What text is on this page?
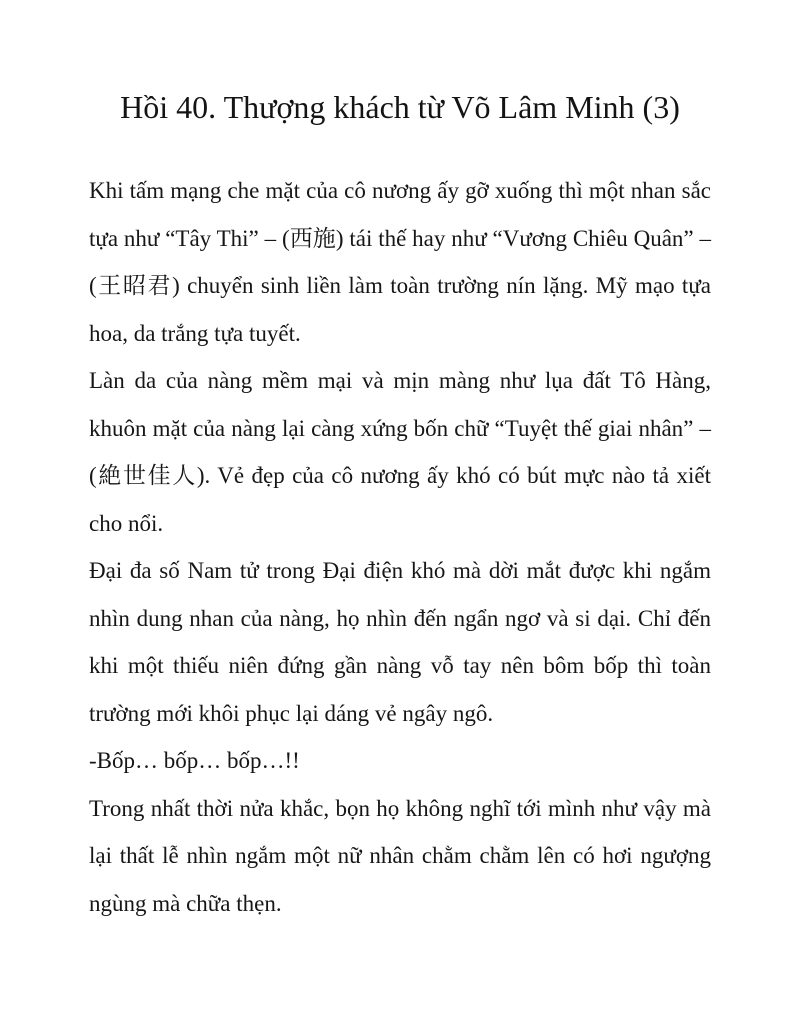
Hồi 40. Thượng khách từ Võ Lâm Minh (3)

Khi tấm mạng che mặt của cô nương ấy gỡ xuống thì một nhan sắc tựa như “Tây Thi” – (西施) tái thế hay như “Vương Chiêu Quân” – (王昭君) chuyển sinh liền làm toàn trường nín lặng. Mỹ mạo tựa hoa, da trắng tựa tuyết.

Làn da của nàng mềm mại và mịn màng như lụa đất Tô Hàng, khuôn mặt của nàng lại càng xứng bốn chữ “Tuyệt thế giai nhân” – (絶世佳人). Vẻ đẹp của cô nương ấy khó có bút mực nào tả xiết cho nổi.

Đại đa số Nam tử trong Đại điện khó mà dời mắt được khi ngắm nhìn dung nhan của nàng, họ nhìn đến ngẩn ngơ và si dại. Chỉ đến khi một thiếu niên đứng gần nàng vỗ tay nên bôm bốp thì toàn trường mới khôi phục lại dáng vẻ ngây ngô.

-Bốp… bốp… bốp…!!

Trong nhất thời nửa khắc, bọn họ không nghĩ tới mình như vậy mà lại thất lễ nhìn ngắm một nữ nhân chằm chằm lên có hơi ngượng ngùng mà chữa thẹn.
